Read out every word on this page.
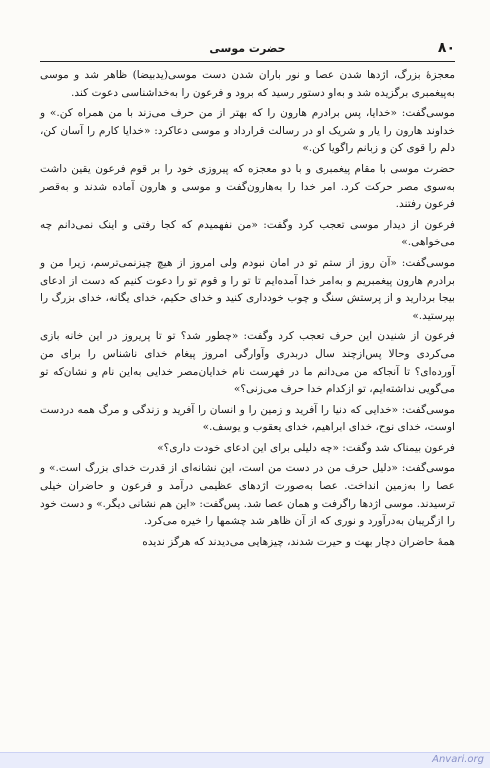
۸۰
حضرت موسی

معجزهٔ بزرگ، اژدها شدن عصا و نور باران شدن دست موسی(یدبیضا) ظاهر شد و موسی به‌پیغمبری برگزیده شد و به‌او دستور رسید که برود و فرعون را به‌خداشناسی دعوت کند.

موسی‌گفت: «خدایا، پس برادرم هارون را که بهتر از من حرف می‌زند با من همراه کن.» و خداوند هارون را یار و شریک او در رسالت قرارداد و موسی دعاکرد: «خدایا کارم را آسان کن، دلم را قوی کن و زبانم راگویا کن.»

حضرت موسی با مقام پیغمبری و با دو معجزه که پیروزی خود را بر قوم فرعون یقین داشت به‌سوی مصر حرکت کرد. امر خدا را به‌هارون‌گفت و موسی و هارون آماده شدند و به‌قصر فرعون رفتند.

فرعون از دیدار موسی تعجب کرد وگفت: «من نفهمیدم که کجا رفتی و اینک نمی‌دانم چه می‌خواهی.»

موسی‌گفت: «آن روز از ستم تو در امان نبودم ولی امروز از هیچ چیزنمی‌ترسم، زیرا من و برادرم هارون پیغمبریم و به‌امر خدا آمده‌ایم تا تو را و قوم تو را دعوت کنیم که دست از ادعای بیجا بردارید و از پرستش سنگ و چوب خودداری کنید و خدای حکیم، خدای یگانه، خدای بزرگ را بپرستید.»

فرعون از شنیدن این حرف تعجب کرد وگفت: «چطور شد؟ تو تا پریروز در این خانه بازی می‌کردی وحالا پس‌ازچند سال دربدری وآوارگی امروز پیغام خدای ناشناس را برای من آورده‌ای؟ تا آنجاکه من می‌دانم ما در فهرست نام خدایان‌مصر خدایی به‌این نام و نشان‌که تو می‌گویی نداشته‌ایم، تو ازکدام خدا حرف می‌زنی؟»

موسی‌گفت: «خدایی که دنیا را آفرید و زمین را و انسان را آفرید و زندگی و مرگ همه دردست اوست، خدای نوح، خدای ابراهیم، خدای یعقوب و یوسف.»

فرعون بیمناک شد وگفت: «چه دلیلی برای این ادعای خودت داری؟»

موسی‌گفت: «دلیل حرف من در دست من است، این نشانه‌ای از قدرت خدای بزرگ است.» و عصا را به‌زمین انداخت. عصا به‌صورت اژدهای عظیمی درآمد و فرعون و حاضران خیلی ترسیدند. موسی اژدها راگرفت و همان عصا شد. پس‌گفت: «این هم نشانی دیگر.» و دست خود را ازگریبان به‌درآورد و نوری که از آن ظاهر شد چشمها را خیره می‌کرد.

همهٔ حاضران دچار بهت و حیرت شدند، چیزهایی می‌دیدند که هرگز ندیده

Anvari.org
